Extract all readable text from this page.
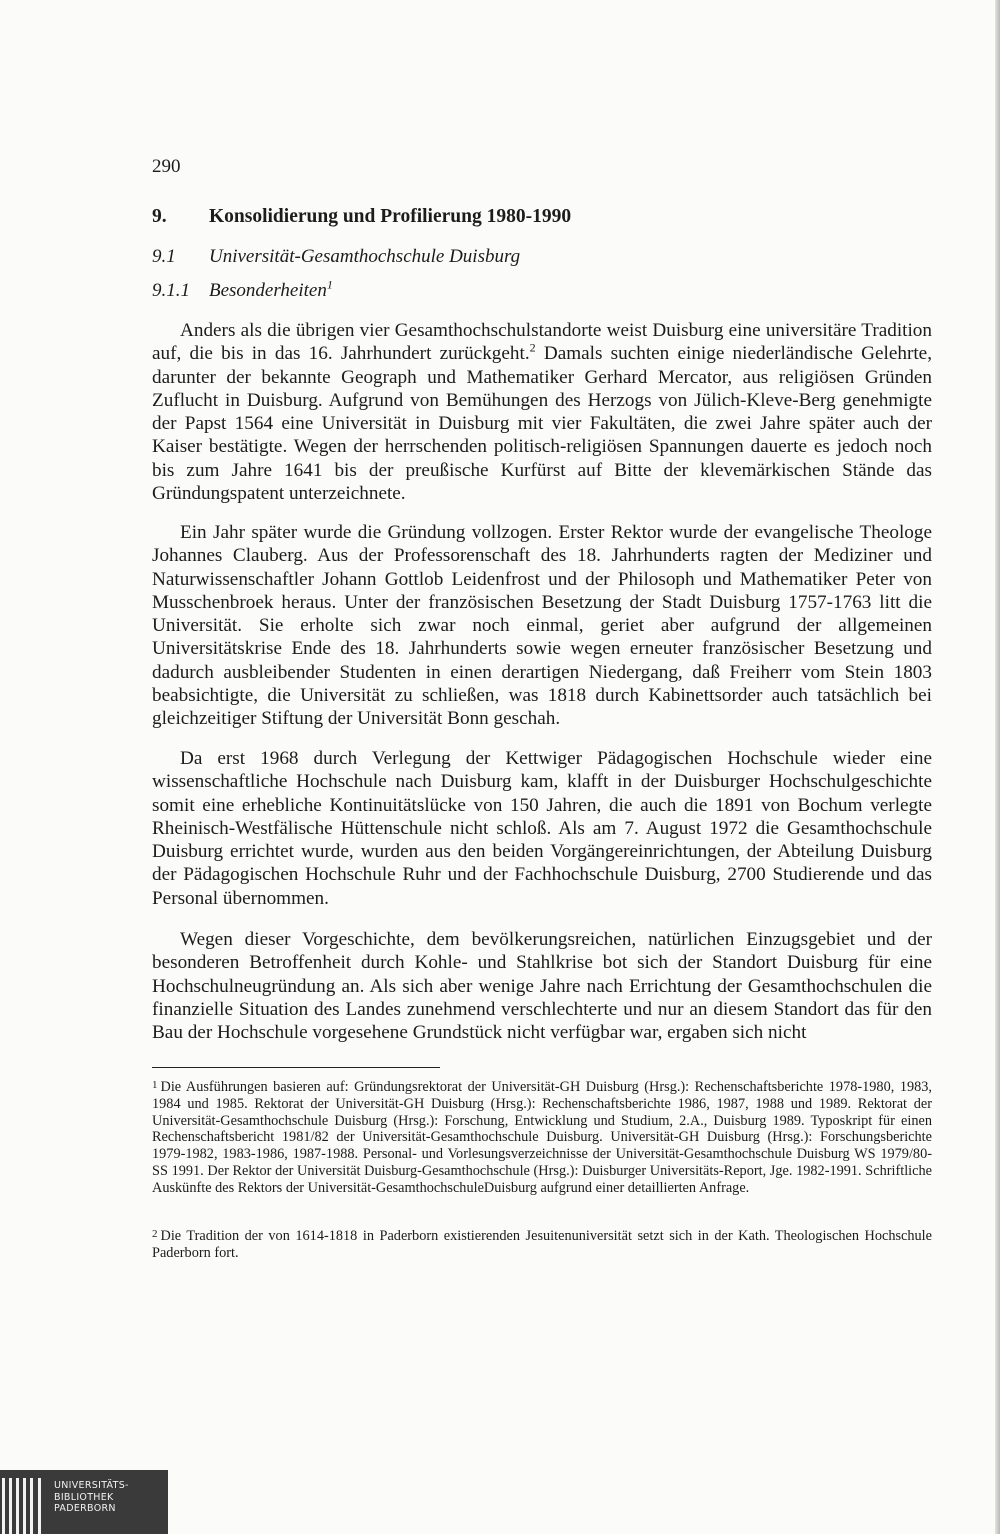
290
9. Konsolidierung und Profilierung 1980-1990
9.1 Universität-Gesamthochschule Duisburg
9.1.1 Besonderheiten$^1$
Anders als die übrigen vier Gesamthochschulstandorte weist Duisburg eine universitäre Tradition auf, die bis in das 16. Jahrhundert zurückgeht.$^2$ Damals suchten einige niederländische Gelehrte, darunter der bekannte Geograph und Mathematiker Gerhard Mercator, aus religiösen Gründen Zuflucht in Duisburg. Aufgrund von Bemühungen des Herzogs von Jülich-Kleve-Berg genehmigte der Papst 1564 eine Universität in Duisburg mit vier Fakultäten, die zwei Jahre später auch der Kaiser bestätigte. Wegen der herrschenden politisch-religiösen Spannungen dauerte es jedoch noch bis zum Jahre 1641 bis der preußische Kurfürst auf Bitte der klevemärkischen Stände das Gründungspatent unterzeichnete.
Ein Jahr später wurde die Gründung vollzogen. Erster Rektor wurde der evangelische Theologe Johannes Clauberg. Aus der Professorenschaft des 18. Jahrhunderts ragten der Mediziner und Naturwissenschaftler Johann Gottlob Leidenfrost und der Philosoph und Mathematiker Peter von Musschenbroek heraus. Unter der französischen Besetzung der Stadt Duisburg 1757-1763 litt die Universität. Sie erholte sich zwar noch einmal, geriet aber aufgrund der allgemeinen Universitätskrise Ende des 18. Jahrhunderts sowie wegen erneuter französischer Besetzung und dadurch ausbleibender Studenten in einen derartigen Niedergang, daß Freiherr vom Stein 1803 beabsichtigte, die Universität zu schließen, was 1818 durch Kabinettsorder auch tatsächlich bei gleichzeitiger Stiftung der Universität Bonn geschah.
Da erst 1968 durch Verlegung der Kettwiger Pädagogischen Hochschule wieder eine wissenschaftliche Hochschule nach Duisburg kam, klafft in der Duisburger Hochschulgeschichte somit eine erhebliche Kontinuitätslücke von 150 Jahren, die auch die 1891 von Bochum verlegte Rheinisch-Westfälische Hüttenschule nicht schloß. Als am 7. August 1972 die Gesamthochschule Duisburg errichtet wurde, wurden aus den beiden Vorgängereinrichtungen, der Abteilung Duisburg der Pädagogischen Hochschule Ruhr und der Fachhochschule Duisburg, 2700 Studierende und das Personal übernommen.
Wegen dieser Vorgeschichte, dem bevölkerungsreichen, natürlichen Einzugsgebiet und der besonderen Betroffenheit durch Kohle- und Stahlkrise bot sich der Standort Duisburg für eine Hochschulneugründung an. Als sich aber wenige Jahre nach Errichtung der Gesamthochschulen die finanzielle Situation des Landes zunehmend verschlechterte und nur an diesem Standort das für den Bau der Hochschule vorgesehene Grundstück nicht verfügbar war, ergaben sich nicht
$^1$ Die Ausführungen basieren auf: Gründungsrektorat der Universität-GH Duisburg (Hrsg.): Rechenschaftsberichte 1978-1980, 1983, 1984 und 1985. Rektorat der Universität-GH Duisburg (Hrsg.): Rechenschaftsberichte 1986, 1987, 1988 und 1989. Rektorat der Universität-Gesamthochschule Duisburg (Hrsg.): Forschung, Entwicklung und Studium, 2.A., Duisburg 1989. Typoskript für einen Rechenschaftsbericht 1981/82 der Universität-Gesamthochschule Duisburg. Universität-GH Duisburg (Hrsg.): Forschungsberichte 1979-1982, 1983-1986, 1987-1988. Personal- und Vorlesungsverzeichnisse der Universität-Gesamthochschule Duisburg WS 1979/80-SS 1991. Der Rektor der Universität Duisburg-Gesamthochschule (Hrsg.): Duisburger Universitäts-Report, Jge. 1982-1991. Schriftliche Auskünfte des Rektors der Universität-GesamthochschuleDuisburg aufgrund einer detaillierten Anfrage.
$^2$ Die Tradition der von 1614-1818 in Paderborn existierenden Jesuitenuniversität setzt sich in der Kath. Theologischen Hochschule Paderborn fort.
UNIVERSITÄTS-
BIBLIOTHEK
PADERBORN
